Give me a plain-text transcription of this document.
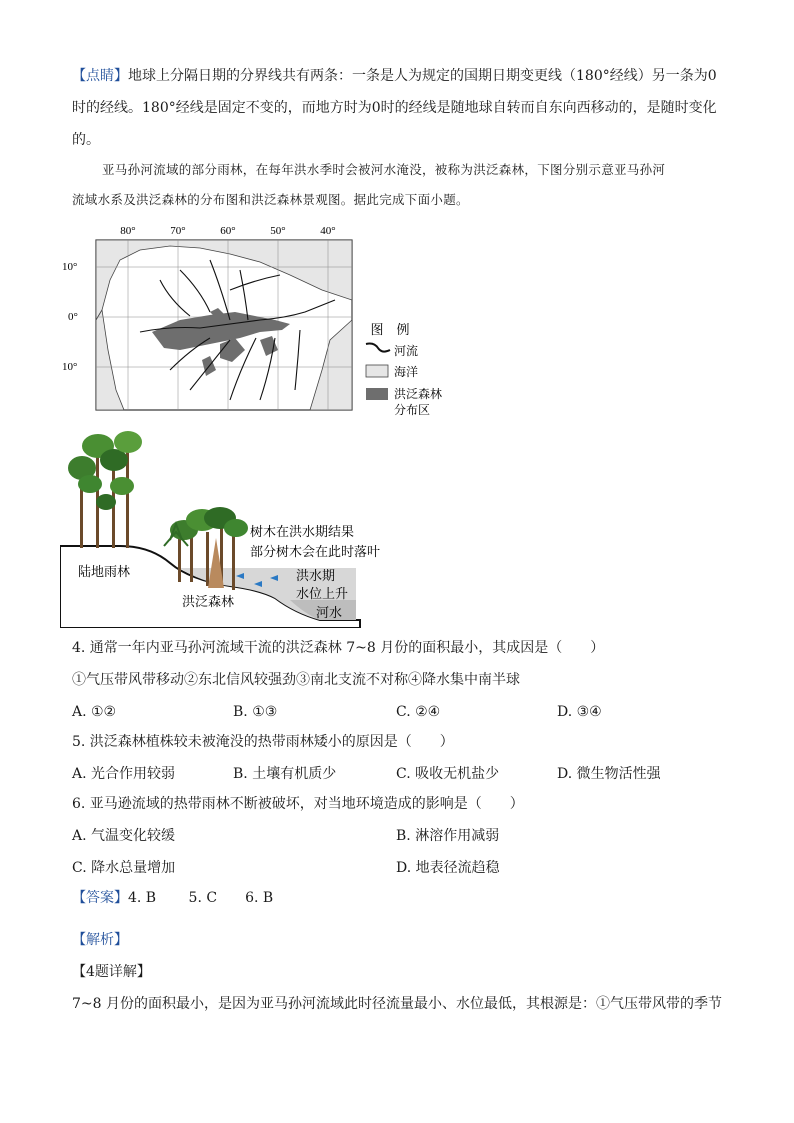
【点睛】地球上分隔日期的分界线共有两条：一条是人为规定的国期日期变更线（180°经线）另一条为0
时的经线。180°经线是固定不变的，而地方时为0时的经线是随地球自转而自东向西移动的，是随时变化
的。
亚马孙河流域的部分雨林，在每年洪水季时会被河水淹没，被称为洪泛森林，下图分别示意亚马孙河
流域水系及洪泛森林的分布图和洪泛森林景观图。据此完成下面小题。
80°	70°	60°	50°	40°
10°
0°
10°
图　例
河流
海洋
洪泛森林
分布区
陆地雨林
洪泛森林
树木在洪水期结果
部分树木会在此时落叶
洪水期
水位上升
河水
4. 通常一年内亚马孙河流域干流的洪泛森林 7~8 月份的面积最小，其成因是（　　）
①气压带风带移动②东北信风较强劲③南北支流不对称④降水集中南半球
A. ①②	B. ①③	C. ②④	D. ③④
5. 洪泛森林植株较未被淹没的热带雨林矮小的原因是（　　）
A. 光合作用较弱	B. 土壤有机质少	C. 吸收无机盐少	D. 微生物活性强
6. 亚马逊流域的热带雨林不断被破坏，对当地环境造成的影响是（　　）
A. 气温变化较缓	B. 淋溶作用减弱
C. 降水总量增加	D. 地表径流趋稳
【答案】4. B　　 5. C　　6. B
【解析】
【4题详解】
7~8 月份的面积最小，是因为亚马孙河流域此时径流量最小、水位最低，其根源是：①气压带风带的季节
